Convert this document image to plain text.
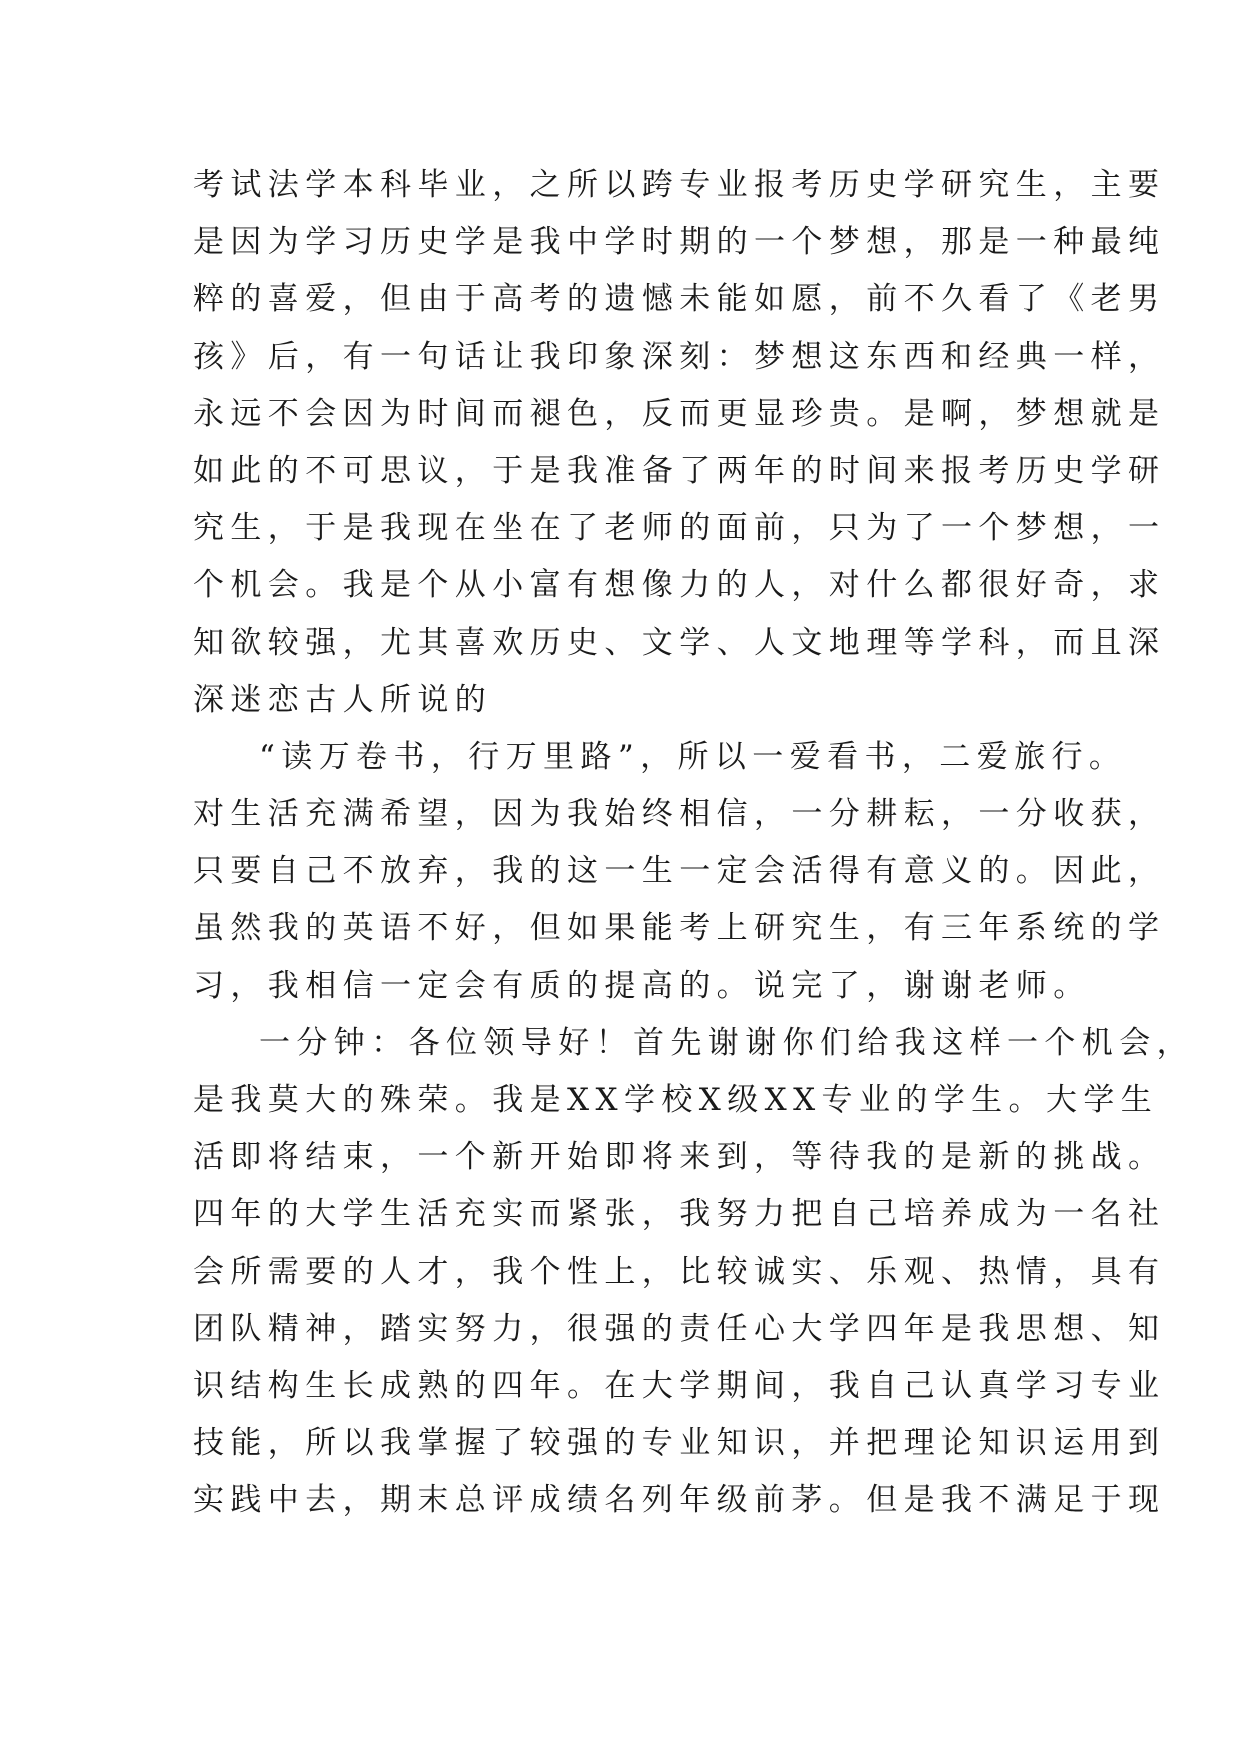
考试法学本科毕业，之所以跨专业报考历史学研究生，主要
是因为学习历史学是我中学时期的一个梦想，那是一种最纯
粹的喜爱，但由于高考的遗憾未能如愿，前不久看了《老男
孩》后，有一句话让我印象深刻：梦想这东西和经典一样，
永远不会因为时间而褪色，反而更显珍贵。是啊，梦想就是
如此的不可思议，于是我准备了两年的时间来报考历史学研
究生，于是我现在坐在了老师的面前，只为了一个梦想，一
个机会。我是个从小富有想像力的人，对什么都很好奇，求
知欲较强，尤其喜欢历史、文学、人文地理等学科，而且深
深迷恋古人所说的
“读万卷书，行万里路”，所以一爱看书，二爱旅行。
对生活充满希望，因为我始终相信，一分耕耘，一分收获，
只要自己不放弃，我的这一生一定会活得有意义的。因此，
虽然我的英语不好，但如果能考上研究生，有三年系统的学
习，我相信一定会有质的提高的。说完了，谢谢老师。
一分钟：各位领导好！首先谢谢你们给我这样一个机会，
是我莫大的殊荣。我是XX学校X级XX专业的学生。大学生
活即将结束，一个新开始即将来到，等待我的是新的挑战。
四年的大学生活充实而紧张，我努力把自己培养成为一名社
会所需要的人才，我个性上，比较诚实、乐观、热情，具有
团队精神，踏实努力，很强的责任心大学四年是我思想、知
识结构生长成熟的四年。在大学期间，我自己认真学习专业
技能，所以我掌握了较强的专业知识，并把理论知识运用到
实践中去，期末总评成绩名列年级前茅。但是我不满足于现
